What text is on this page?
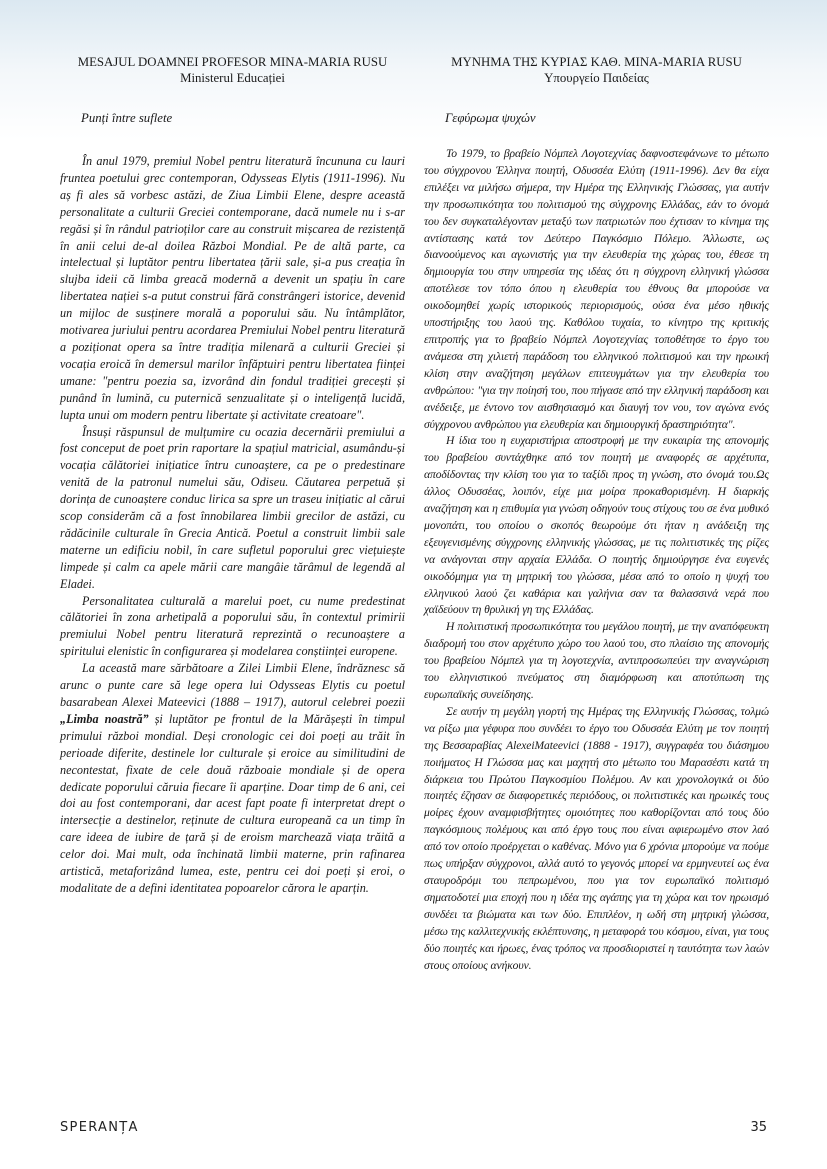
MESAJUL DOAMNEI PROFESOR MINA-MARIA RUSU

Ministerul Educației

Punți între suflete

În anul 1979, premiul Nobel pentru literatură încununa cu lauri fruntea poetului grec contemporan, Odysseas Elytis (1911-1996). Nu aș fi ales să vorbesc astăzi, de Ziua Limbii Elene, despre această personalitate a culturii Greciei contemporane, dacă numele nu i s-ar regăsi și în rândul patrioților care au construit mișcarea de rezistență în anii celui de-al doilea Război Mondial. Pe de altă parte, ca intelectual și luptător pentru libertatea țării sale, și-a pus creația în slujba ideii că limba greacă modernă a devenit un spațiu în care libertatea nației s-a putut construi fără constrângeri istorice, devenid un mijloc de susținere morală a poporului său. Nu întâmplător, motivarea juriului pentru acordarea Premiului Nobel pentru literatură a poziționat opera sa între tradiția milenară a culturii Greciei și vocația eroică în demersul marilor înfăptuiri pentru libertatea ființei umane: "pentru poezia sa, izvorând din fondul tradiției grecești și punând în lumină, cu puternică senzualitate și o inteligență lucidă, lupta unui om modern pentru libertate și activitate creatoare".

Însuși răspunsul de mulțumire cu ocazia decernării premiului a fost conceput de poet prin raportare la spațiul matricial, asumându-și vocația călătoriei inițiatice întru cunoaștere, ca pe o predestinare venită de la patronul numelui său, Odiseu. Căutarea perpetuă și dorința de cunoaștere conduc lirica sa spre un traseu inițiatic al cărui scop considerăm că a fost înnobilarea limbii grecilor de astăzi, cu rădăcinile culturale în Grecia Antică. Poetul a construit limbii sale materne un edificiu nobil, în care sufletul poporului grec viețuiește limpede și calm ca apele mării care mangâie tărâmul de legendă al Eladei.

Personalitatea culturală a marelui poet, cu nume predestinat călătoriei în zona arhetipală a poporului său, în contextul primirii premiului Nobel pentru literatură reprezintă o recunoaștere a spiritului elenistic în configurarea și modelarea conștiinței europene.

La această mare sărbătoare a Zilei Limbii Elene, îndrăznesc să arunc o punte care să lege opera lui Odysseas Elytis cu poetul basarabean Alexei Mateevici (1888 – 1917), autorul celebrei poezii „Limba noastră” și luptător pe frontul de la Mărășești în timpul primului război mondial. Deși cronologic cei doi poeți au trăit în perioade diferite, destinele lor culturale și eroice au similitudini de necontestat, fixate de cele două războaie mondiale și de opera dedicate poporului căruia fiecare îi aparține. Doar timp de 6 ani, cei doi au fost contemporani, dar acest fapt poate fi interpretat drept o intersecție a destinelor, reținute de cultura europeană ca un timp în care ideea de iubire de țară și de eroism marchează viața trăită a celor doi. Mai mult, oda închinată limbii materne, prin rafinarea artistică, metaforizând lumea, este, pentru cei doi poeți și eroi, o modalitate de a defini identitatea popoarelor cărora le aparțin.

ΜΥΝΗΜΑ ΤΗΣ ΚΥΡΙΑΣ ΚΑΘ. MINA-MARIA RUSU

Υπουργείο Παιδείας

Γεφύρωμα ψυχών

Το 1979, το βραβείο Νόμπελ Λογοτεχνίας δαφνοστεφάνωνε το μέτωπο του σύγχρονου Έλληνα ποιητή, Οδυσσέα Ελύτη (1911-1996). Δεν θα είχα επιλέξει να μιλήσω σήμερα, την Ημέρα της Ελληνικής Γλώσσας, για αυτήν την προσωπικότητα του πολιτισμού της σύγχρονης Ελλάδας, εάν το όνομά του δεν συγκαταλέγονταν μεταξύ των πατριωτών που έχτισαν το κίνημα της αντίστασης κατά τον Δεύτερο Παγκόσμιο Πόλεμο. Άλλωστε, ως διανοούμενος και αγωνιστής για την ελευθερία της χώρας του, έθεσε τη δημιουργία του στην υπηρεσία της ιδέας ότι η σύγχρονη ελληνική γλώσσα αποτέλεσε τον τόπο όπου η ελευθερία του έθνους θα μπορούσε να οικοδομηθεί χωρίς ιστορικούς περιορισμούς, ούσα ένα μέσο ηθικής υποστήριξης του λαού της. Καθόλου τυχαία, το κίνητρο της κριτικής επιτροπής για το βραβείο Νόμπελ Λογοτεχνίας τοποθέτησε το έργο του ανάμεσα στη χιλιετή παράδοση του ελληνικού πολιτισμού και την ηρωική κλίση στην αναζήτηση μεγάλων επιτευγμάτων για την ελευθερία του ανθρώπου: "για την ποίησή του, που πήγασε από την ελληνική παράδοση και ανέδειξε, με έντονο τον αισθησιασμό και διαυγή τον νου, τον αγώνα ενός σύγχρονου ανθρώπου για ελευθερία και δημιουργική δραστηριότητα".

Η ίδια του η ευχαριστήρια αποστροφή με την ευκαιρία της απονομής του βραβείου συντάχθηκε από τον ποιητή με αναφορές σε αρχέτυπα, αποδίδοντας την κλίση του για το ταξίδι προς τη γνώση, στο όνομά του.Ως άλλος Οδυσσέας, λοιπόν, είχε μια μοίρα προκαθορισμένη. Η διαρκής αναζήτηση και η επιθυμία για γνώση οδηγούν τους στίχους του σε ένα μυθικό μονοπάτι, του οποίου ο σκοπός θεωρούμε ότι ήταν η ανάδειξη της εξευγενισμένης σύγχρονης ελληνικής γλώσσας, με τις πολιτιστικές της ρίζες να ανάγονται στην αρχαία Ελλάδα. Ο ποιητής δημιούργησε ένα ευγενές οικοδόμημα για τη μητρική του γλώσσα, μέσα από το οποίο η ψυχή του ελληνικού λαού ζει καθάρια και γαλήνια σαν τα θαλασσινά νερά που χαϊδεύουν τη θρυλική γη της Ελλάδας.

Η πολιτιστική προσωπικότητα του μεγάλου ποιητή, με την αναπόφευκτη διαδρομή του στον αρχέτυπο χώρο του λαού του, στο πλαίσιο της απονομής του βραβείου Νόμπελ για τη λογοτεχνία, αντιπροσωπεύει την αναγνώριση του ελληνιστικού πνεύματος στη διαμόρφωση και αποτύπωση της ευρωπαϊκής συνείδησης.

Σε αυτήν τη μεγάλη γιορτή της Ημέρας της Ελληνικής Γλώσσας, τολμώ να ρίξω μια γέφυρα που συνδέει το έργο του Οδυσσέα Ελύτη με τον ποιητή της Βεσσαραβίας AlexeiMateevici (1888 - 1917), συγγραφέα του διάσημου ποιήματος Η Γλώσσα μας και μαχητή στο μέτωπο του Μαρασέστι κατά τη διάρκεια του Πρώτου Παγκοσμίου Πολέμου. Αν και χρονολογικά οι δύο ποιητές έζησαν σε διαφορετικές περιόδους, οι πολιτιστικές και ηρωικές τους μοίρες έχουν αναμφισβήτητες ομοιότητες που καθορίζονται από τους δύο παγκόσμιους πολέμους και από έργο τους που είναι αφιερωμένο στον λαό από τον οποίο προέρχεται ο καθένας. Μόνο για 6 χρόνια μπορούμε να πούμε πως υπήρξαν σύγχρονοι, αλλά αυτό το γεγονός μπορεί να ερμηνευτεί ως ένα σταυροδρόμι του πεπρωμένου, που για τον ευρωπαϊκό πολιτισμό σηματοδοτεί μια εποχή που η ιδέα της αγάπης για τη χώρα και τον ηρωισμό συνδέει τα βιώματα και των δύο. Επιπλέον, η ωδή στη μητρική γλώσσα, μέσω της καλλιτεχνικής εκλέπτυνσης, η μεταφορά του κόσμου, είναι, για τους δύο ποιητές και ήρωες, ένας τρόπος να προσδιοριστεί η ταυτότητα των λαών στους οποίους ανήκουν.

SPERANȚA	35
